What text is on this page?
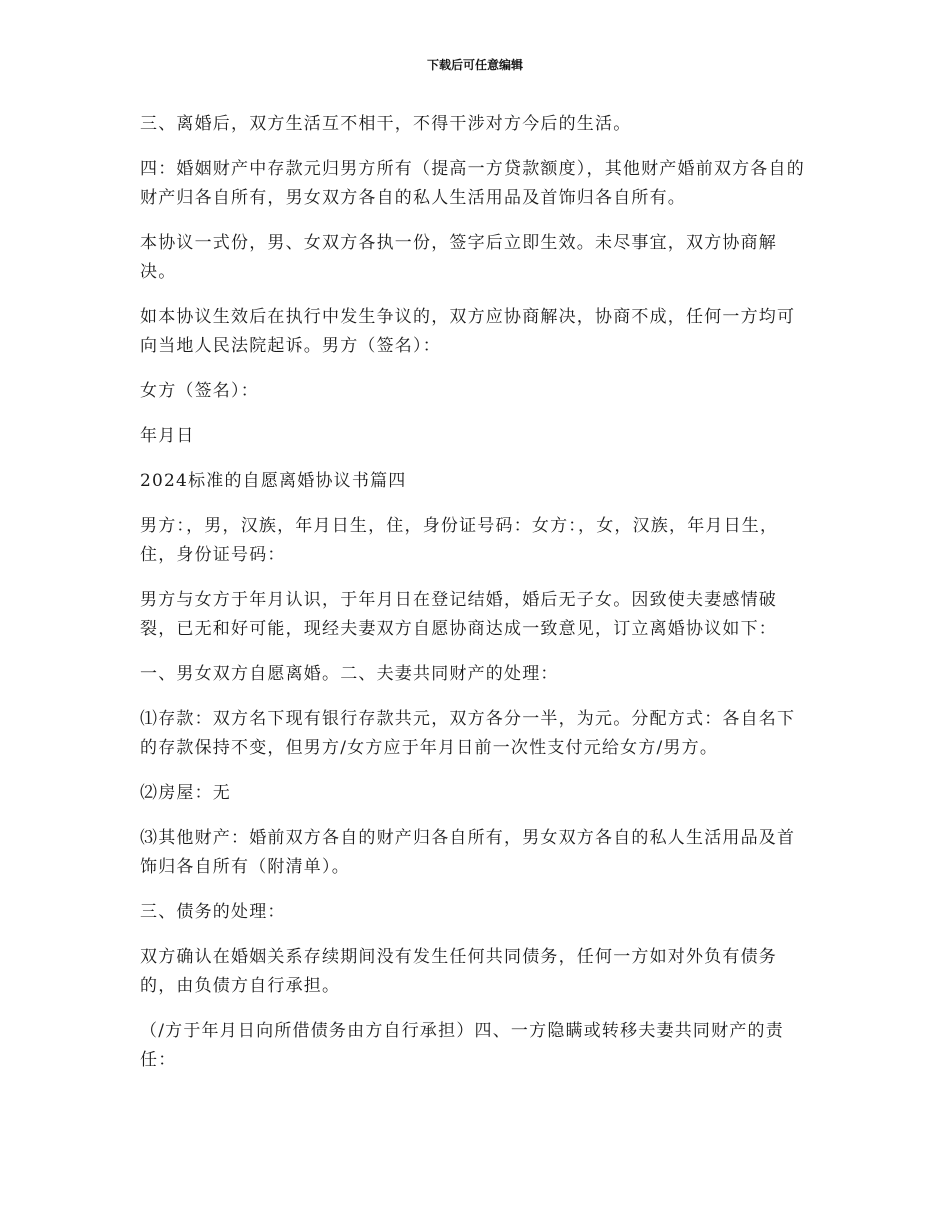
下载后可任意编辑

三、离婚后，双方生活互不相干，不得干涉对方今后的生活。

四：婚姻财产中存款元归男方所有（提高一方贷款额度），其他财产婚前双方各自的财产归各自所有，男女双方各自的私人生活用品及首饰归各自所有。

本协议一式份，男、女双方各执一份，签字后立即生效。未尽事宜，双方协商解决。

如本协议生效后在执行中发生争议的，双方应协商解决，协商不成，任何一方均可向当地人民法院起诉。男方（签名）：

女方（签名）：

年月日

2024标准的自愿离婚协议书篇四

男方：，男，汉族，年月日生，住，身份证号码：女方：，女，汉族，年月日生，住，身份证号码：

男方与女方于年月认识，于年月日在登记结婚，婚后无子女。因致使夫妻感情破裂，已无和好可能，现经夫妻双方自愿协商达成一致意见，订立离婚协议如下：

一、男女双方自愿离婚。二、夫妻共同财产的处理：

⑴存款：双方名下现有银行存款共元，双方各分一半，为元。分配方式：各自名下的存款保持不变，但男方/女方应于年月日前一次性支付元给女方/男方。

⑵房屋：无

⑶其他财产：婚前双方各自的财产归各自所有，男女双方各自的私人生活用品及首饰归各自所有（附清单）。

三、债务的处理：

双方确认在婚姻关系存续期间没有发生任何共同债务，任何一方如对外负有债务的，由负债方自行承担。

（/方于年月日向所借债务由方自行承担）四、一方隐瞒或转移夫妻共同财产的责任：
